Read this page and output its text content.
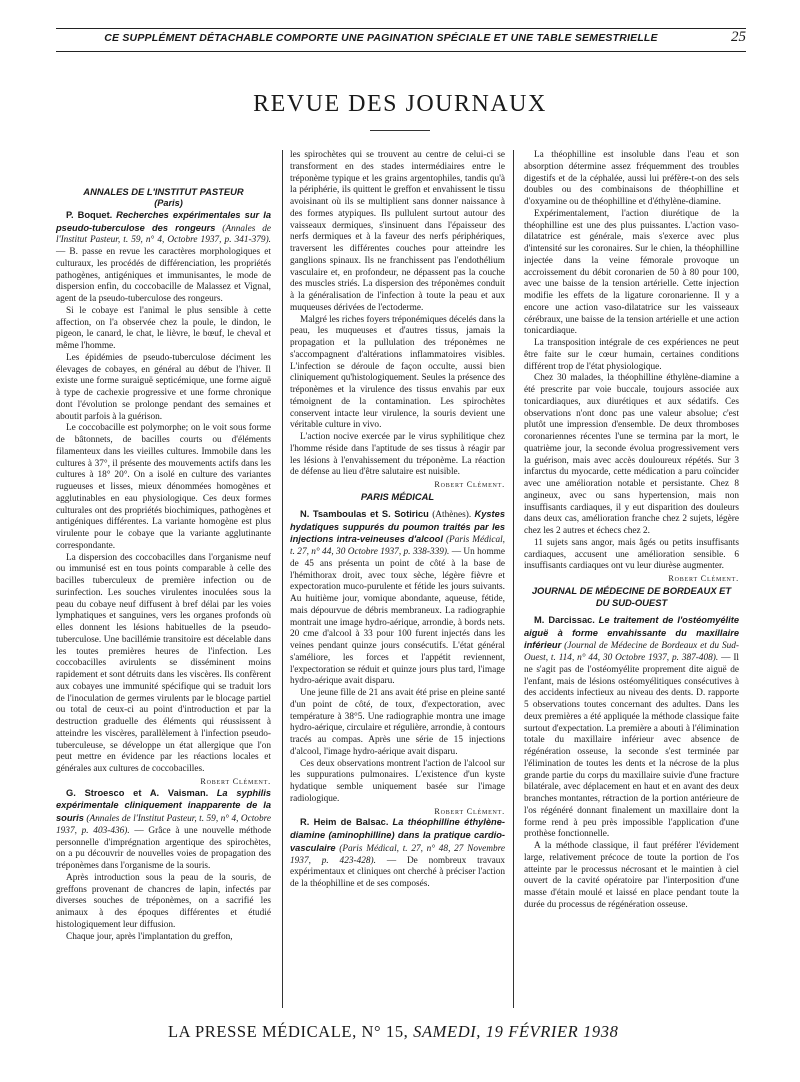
CE SUPPLÉMENT DÉTACHABLE COMPORTE UNE PAGINATION SPÉCIALE ET UNE TABLE SEMESTRIELLE	25
REVUE DES JOURNAUX

ANNALES DE L'INSTITUT PASTEUR

(Paris)

P. Boquet. Recherches expérimentales sur la pseudo-tuberculose des rongeurs (Annales de l'Institut Pasteur, t. 59, n° 4, Octobre 1937, p. 341-379). — B. passe en revue les caractères morphologiques et culturaux, les procédés de différenciation, les propriétés pathogènes, antigéniques et immunisantes, le mode de dispersion enfin, du coccobacille de Malassez et Vignal, agent de la pseudo-tuberculose des rongeurs.

Si le cobaye est l'animal le plus sensible à cette affection, on l'a observée chez la poule, le dindon, le pigeon, le canard, le chat, le lièvre, le bœuf, le cheval et même l'homme.

Les épidémies de pseudo-tuberculose déciment les élevages de cobayes, en général au début de l'hiver. Il existe une forme suraiguë septicémique, une forme aiguë à type de cachexie progressive et une forme chronique dont l'évolution se prolonge pendant des semaines et aboutit parfois à la guérison.

Le coccobacille est polymorphe; on le voit sous forme de bâtonnets, de bacilles courts ou d'éléments filamenteux dans les vieilles cultures. Immobile dans les cultures à 37°, il présente des mouvements actifs dans les cultures à 18° 20°. On a isolé en culture des variantes rugueuses et lisses, mieux dénommées homogènes et agglutinables en eau physiologique. Ces deux formes culturales ont des propriétés biochimiques, pathogènes et antigéniques différentes. La variante homogène est plus virulente pour le cobaye que la variante agglutinante correspondante.

La dispersion des coccobacilles dans l'organisme neuf ou immunisé est en tous points comparable à celle des bacilles tuberculeux de première infection ou de surinfection. Les souches virulentes inoculées sous la peau du cobaye neuf diffusent à bref délai par les voies lymphatiques et sanguines, vers les organes profonds où elles donnent les lésions habituelles de la pseudo-tuberculose. Une bacillémie transitoire est décelable dans les toutes premières heures de l'infection. Les coccobacilles avirulents se disséminent moins rapidement et sont détruits dans les viscères. Ils confèrent aux cobayes une immunité spécifique qui se traduit lors de l'inoculation de germes virulents par le blocage partiel ou total de ceux-ci au point d'introduction et par la destruction graduelle des éléments qui réussissent à atteindre les viscères, parallèlement à l'infection pseudo-tuberculeuse, se développe un état allergique que l'on peut mettre en évidence par les réactions locales et générales aux cultures de coccobacilles.

Robert Clément.

G. Stroesco et A. Vaisman. La syphilis expérimentale cliniquement inapparente de la souris (Annales de l'Institut Pasteur, t. 59, n° 4, Octobre 1937, p. 403-436). — Grâce à une nouvelle méthode personnelle d'imprégnation argentique des spirochètes, on a pu découvrir de nouvelles voies de propagation des tréponèmes dans l'organisme de la souris.

Après introduction sous la peau de la souris, de greffons provenant de chancres de lapin, infectés par diverses souches de tréponèmes, on a sacrifié les animaux à des époques différentes et étudié histologiquement leur diffusion.

Chaque jour, après l'implantation du greffon,

les spirochètes qui se trouvent au centre de celui-ci se transforment en des stades intermédiaires entre le tréponème typique et les grains argentophiles, tandis qu'à la périphérie, ils quittent le greffon et envahissent le tissu avoisinant où ils se multiplient sans donner naissance à des formes atypiques. Ils pullulent surtout autour des vaisseaux dermiques, s'insinuent dans l'épaisseur des nerfs dermiques et à la faveur des nerfs périphériques, traversent les différentes couches pour atteindre les ganglions spinaux. Ils ne franchissent pas l'endothélium vasculaire et, en profondeur, ne dépassent pas la couche des muscles striés. La dispersion des tréponèmes conduit à la généralisation de l'infection à toute la peau et aux muqueuses dérivées de l'ectoderme.

Malgré les riches foyers tréponémiques décelés dans la peau, les muqueuses et d'autres tissus, jamais la propagation et la pullulation des tréponèmes ne s'accompagnent d'altérations inflammatoires visibles. L'infection se déroule de façon occulte, aussi bien cliniquement qu'histologiquement. Seules la présence des tréponèmes et la virulence des tissus envahis par eux témoignent de la contamination. Les spirochètes conservent intacte leur virulence, la souris devient une véritable culture in vivo.

L'action nocive exercée par le virus syphilitique chez l'homme réside dans l'aptitude de ses tissus à réagir par les lésions à l'envahissement du tréponème. La réaction de défense au lieu d'être salutaire est nuisible.

Robert Clément.

PARIS MÉDICAL

N. Tsamboulas et S. Sotiricu (Athènes). Kystes hydatiques suppurés du poumon traités par les injections intra-veineuses d'alcool (Paris Médical, t. 27, n° 44, 30 Octobre 1937, p. 338-339). — Un homme de 45 ans présenta un point de côté à la base de l'hémithorax droit, avec toux sèche, légère fièvre et expectoration muco-purulente et fétide les jours suivants. Au huitième jour, vomique abondante, aqueuse, fétide, mais dépourvue de débris membraneux. La radiographie montrait une image hydro-aérique, arrondie, à bords nets. 20 cme d'alcool à 33 pour 100 furent injectés dans les veines pendant quinze jours consécutifs. L'état général s'améliore, les forces et l'appétit reviennent, l'expectoration se réduit et quinze jours plus tard, l'image hydro-aérique avait disparu.

Une jeune fille de 21 ans avait été prise en pleine santé d'un point de côté, de toux, d'expectoration, avec température à 38°5. Une radiographie montra une image hydro-aérique, circulaire et régulière, arrondie, à contours tracés au compas. Après une série de 15 injections d'alcool, l'image hydro-aérique avait disparu.

Ces deux observations montrent l'action de l'alcool sur les suppurations pulmonaires. L'existence d'un kyste hydatique semble uniquement basée sur l'image radiologique.

Robert Clément.

R. Heim de Balsac. La théophilline éthylène-diamine (aminophilline) dans la pratique cardio-vasculaire (Paris Médical, t. 27, n° 48, 27 Novembre 1937, p. 423-428). — De nombreux travaux expérimentaux et cliniques ont cherché à préciser l'action de la théophilline et de ses composés.

La théophilline est insoluble dans l'eau et son absorption détermine assez fréquemment des troubles digestifs et de la céphalée, aussi lui préfère-t-on des sels doubles ou des combinaisons de théophilline et d'oxyamine ou de théophilline et d'éthylène-diamine.

Expérimentalement, l'action diurétique de la théophilline est une des plus puissantes. L'action vaso-dilatatrice est générale, mais s'exerce avec plus d'intensité sur les coronaires. Sur le chien, la théophilline injectée dans la veine fémorale provoque un accroissement du débit coronarien de 50 à 80 pour 100, avec une baisse de la tension artérielle. Cette injection modifie les effets de la ligature coronarienne. Il y a encore une action vaso-dilatatrice sur les vaisseaux cérébraux, une baisse de la tension artérielle et une action tonicardiaque.

La transposition intégrale de ces expériences ne peut être faite sur le cœur humain, certaines conditions différent trop de l'état physiologique.

Chez 30 malades, la théophilline éthylène-diamine a été prescrite par voie buccale, toujours associée aux tonicardiaques, aux diurétiques et aux sédatifs. Ces observations n'ont donc pas une valeur absolue; c'est plutôt une impression d'ensemble. De deux thromboses coronariennes récentes l'une se termina par la mort, le quatrième jour, la seconde évolua progressivement vers la guérison, mais avec accès douloureux répétés. Sur 3 infarctus du myocarde, cette médication a paru coïncider avec une amélioration notable et persistante. Chez 8 angineux, avec ou sans hypertension, mais non insuffisants cardiaques, il y eut disparition des douleurs dans deux cas, amélioration franche chez 2 sujets, légère chez les 2 autres et échecs chez 2.

11 sujets sans angor, mais âgés ou petits insuffisants cardiaques, accusent une amélioration sensible. 6 insuffisants cardiaques ont vu leur diurèse augmenter.

Robert Clément.

JOURNAL DE MÉDECINE DE BORDEAUX ET DU SUD-OUEST

M. Darcissac. Le traitement de l'ostéomyélite aiguë à forme envahissante du maxillaire inférieur (Journal de Médecine de Bordeaux et du Sud-Ouest, t. 114, n° 44, 30 Octobre 1937, p. 387-408). — Il ne s'agit pas de l'ostéomyélite proprement dite aiguë de l'enfant, mais de lésions ostéomyélitiques consécutives à des accidents infectieux au niveau des dents. D. rapporte 5 observations toutes concernant des adultes. Dans les deux premières a été appliquée la méthode classique faite surtout d'expectation. La première a abouti à l'élimination totale du maxillaire inférieur avec absence de régénération osseuse, la seconde s'est terminée par l'élimination de toutes les dents et la nécrose de la plus grande partie du corps du maxillaire suivie d'une fracture bilatérale, avec déplacement en haut et en avant des deux branches montantes, rétraction de la portion antérieure de l'os régénéré donnant finalement un maxillaire dont la forme rend à peu près impossible l'application d'une prothèse fonctionnelle.

A la méthode classique, il faut préférer l'évidement large, relativement précoce de toute la portion de l'os atteinte par le processus nécrosant et le maintien à ciel ouvert de la cavité opératoire par l'interposition d'une masse d'étain moulé et laissé en place pendant toute la durée du processus de régénération osseuse.

LA PRESSE MÉDICALE, N° 15, SAMEDI, 19 FÉVRIER 1938
